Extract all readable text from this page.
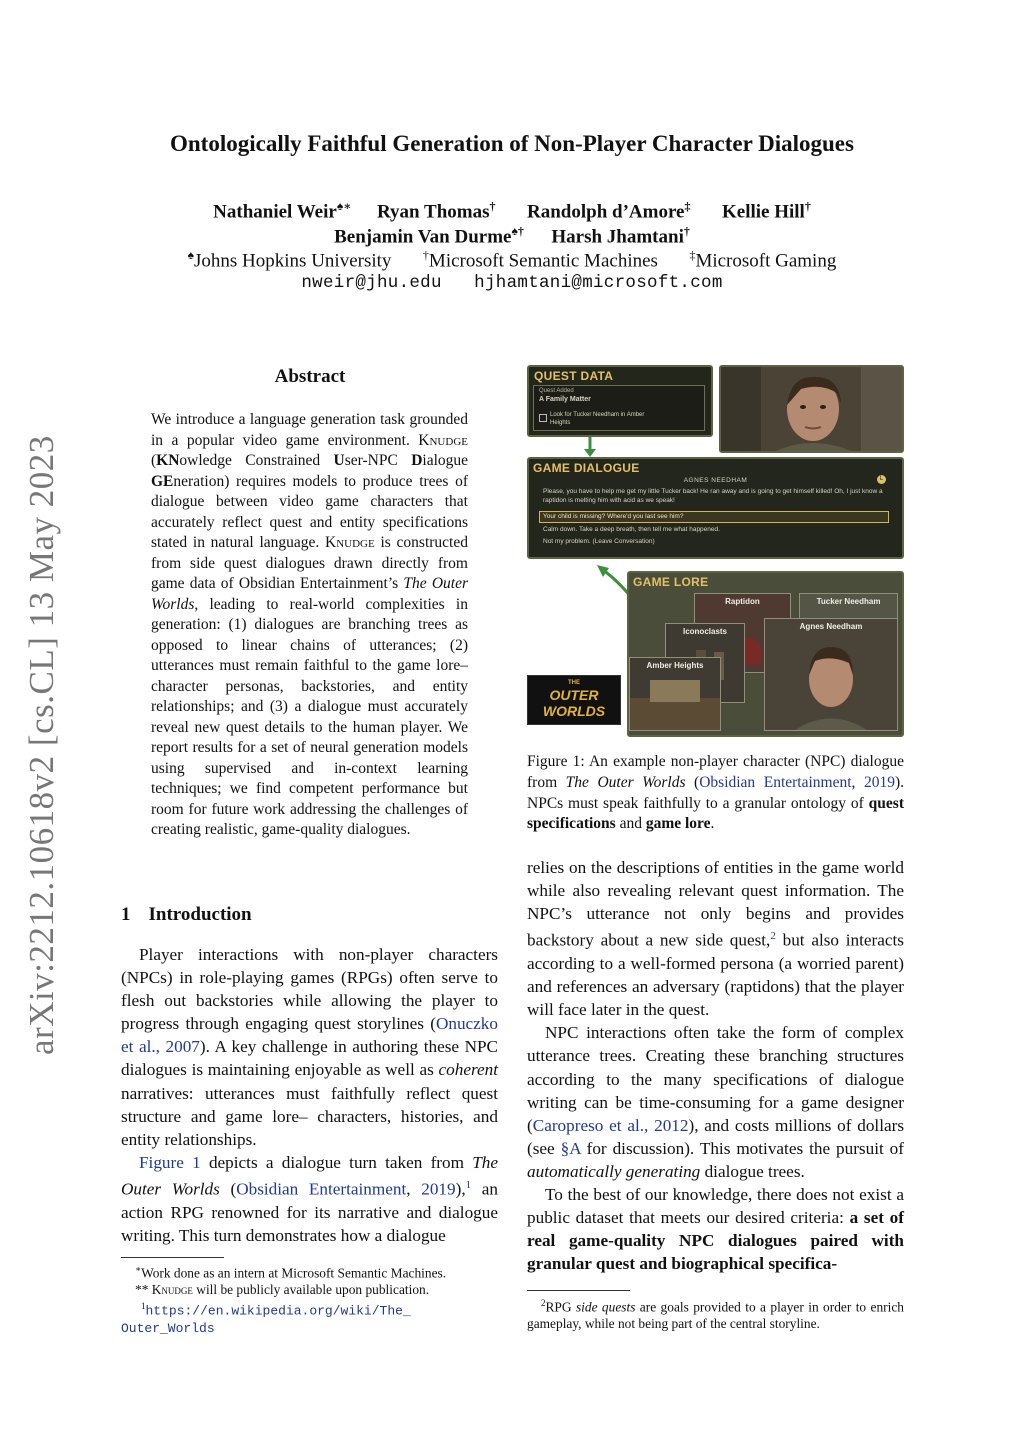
arXiv:2212.10618v2 [cs.CL] 13 May 2023
Ontologically Faithful Generation of Non-Player Character Dialogues
Nathaniel Weir♠∗ Ryan Thomas† Randolph d’Amore‡ Kellie Hill†
Benjamin Van Durme♠† Harsh Jhamtani†
♠Johns Hopkins University	†Microsoft Semantic Machines	‡Microsoft Gaming
nweir@jhu.edu   hjhamtani@microsoft.com
Abstract
We introduce a language generation task grounded in a popular video game environment. Knudge (KNowledge Constrained User-NPC Dialogue GEneration) requires models to produce trees of dialogue between video game characters that accurately reflect quest and entity specifications stated in natural language. Knudge is constructed from side quest dialogues drawn directly from game data of Obsidian Entertainment’s The Outer Worlds, leading to real-world complexities in generation: (1) dialogues are branching trees as opposed to linear chains of utterances; (2) utterances must remain faithful to the game lore–character personas, backstories, and entity relationships; and (3) a dialogue must accurately reveal new quest details to the human player. We report results for a set of neural generation models using supervised and in-context learning techniques; we find competent performance but room for future work addressing the challenges of creating realistic, game-quality dialogues.
1 Introduction

Player interactions with non-player characters (NPCs) in role-playing games (RPGs) often serve to flesh out backstories while allowing the player to progress through engaging quest storylines (Onuczko et al., 2007). A key challenge in authoring these NPC dialogues is maintaining enjoyable as well as coherent narratives: utterances must faithfully reflect quest structure and game lore– characters, histories, and entity relationships.

Figure 1 depicts a dialogue turn taken from The Outer Worlds (Obsidian Entertainment, 2019),$^1$ an action RPG renowned for its narrative and dialogue writing. This turn demonstrates how a dialogue

∗Work done as an intern at Microsoft Semantic Machines.
** Knudge will be publicly available upon publication.
$^1$https://en.wikipedia.org/wiki/The_
Outer_Worlds
QUEST DATA
Quest Added
A Family Matter
Look for Tucker Needham in Amber Heights
GAME DIALOGUE
AGNES NEEDHAM	L
Please, you have to help me get my little Tucker back! He ran away and is going to get himself killed! Oh, I just know a raptidon is melting him with acid as we speak!
Your child is missing? Where'd you last see him?
Calm down. Take a deep breath, then tell me what happened.
Not my problem. (Leave Conversation)
THE
OUTER
WORLDS
GAME LORE
Raptidon	Tucker Needham
Iconoclasts
Amber Heights
Agnes Needham
Figure 1: An example non-player character (NPC) dialogue from The Outer Worlds (Obsidian Entertainment, 2019). NPCs must speak faithfully to a granular ontology of quest specifications and game lore.

relies on the descriptions of entities in the game world while also revealing relevant quest information. The NPC’s utterance not only begins and provides backstory about a new side quest,$^2$ but also interacts according to a well-formed persona (a worried parent) and references an adversary (raptidons) that the player will face later in the quest.

NPC interactions often take the form of complex utterance trees. Creating these branching structures according to the many specifications of dialogue writing can be time-consuming for a game designer (Caropreso et al., 2012), and costs millions of dollars (see §A for discussion). This motivates the pursuit of automatically generating dialogue trees.

To the best of our knowledge, there does not exist a public dataset that meets our desired criteria: a set of real game-quality NPC dialogues paired with granular quest and biographical specifica-

$^2$RPG side quests are goals provided to a player in order to enrich gameplay, while not being part of the central storyline.
